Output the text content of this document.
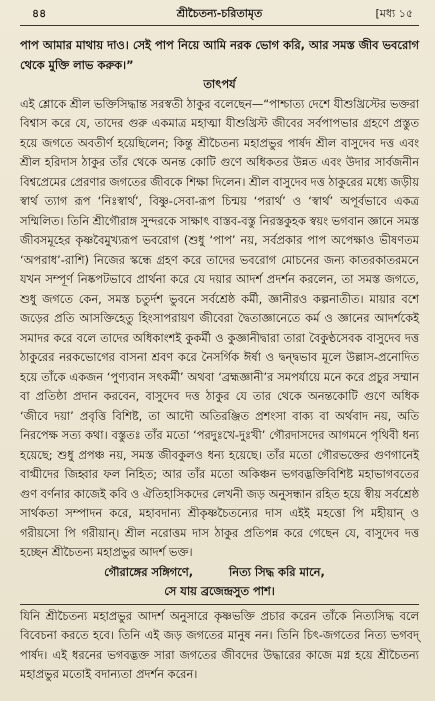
৪৪	শ্রীচৈতন্য-চরিতামৃত	[মধ্য ১৫

পাপ আমার মাথায় দাও। সেই পাপ নিয়ে আমি নরক ভোগ করি, আর সমস্ত জীব ভবরোগ থেকে মুক্তি লাভ করুক।”

তাৎপর্য

এই শ্লোকে শ্রীল ভক্তিসিদ্ধান্ত সরস্বতী ঠাকুর বলেছেন—“পাশ্চাত্য দেশে যীশুখ্রিস্টের ভক্তরা বিশ্বাস করে যে, তাদের গুরু একমাত্র মহাত্মা যীশুখ্রিস্ট জীবের সর্বপাপভার গ্রহণে প্রস্তুত হয়ে জগতে অবতীর্ণ হয়েছিলেন; কিন্তু শ্রীচৈতন্য মহাপ্রভুর পার্ষদ শ্রীল বাসুদেব দত্ত এবং শ্রীল হরিদাস ঠাকুর তাঁর থেকে অনন্ত কোটি গুণে অধিকতর উন্নত এবং উদার সার্বজনীন বিশ্বপ্রেমের প্রেরণার জগতের জীবকে শিক্ষা দিলেন। শ্রীল বাসুদেব দত্ত ঠাকুরের মধ্যে জড়ীয় স্বার্থ ত্যাগ রূপ ‘নিঃস্বার্থ’, বিষ্ণু-সেবা-রূপ চিন্ময় ‘পরার্থ’ ও ‘স্বার্থ’ অপূর্বভাবে একত্র সম্মিলিত। তিনি শ্রীগৌরাঙ্গ সুন্দরকে সাক্ষাৎ বাস্তব-বস্তু নিরস্তকুহক স্বয়ং ভগবান জ্ঞানে সমস্ত জীবসমূহের কৃষ্ণবৈমুখ্যরূপ ভবরোগ (শুধু ‘পাপ’ নয়, সর্বপ্রকার পাপ অপেক্ষাও ভীষণতম ‘অপরাধ’-রাশি) নিজের স্কন্ধে গ্রহণ করে তাদের ভবরোগ মোচনের জন্য কাতরকাতরমনে যখন সম্পূর্ণ নিষ্কপটভাবে প্রার্থনা করে যে দয়ার আদর্শ প্রদর্শন করলেন, তা সমস্ত জগতে, শুধু জগতে কেন, সমস্ত চতুর্দশ ভুবনে সর্বশ্রেষ্ঠ কর্মী, জ্ঞানীরও কল্পনাতীত। মায়ার বশে জড়ের প্রতি আসক্তিহেতু হিংসাপরায়ণ জীবেরা দ্বৈতাজ্ঞানেতে কর্ম ও জ্ঞানের আদর্শকেই সমাদর করে বলে তাদের অধিকাংশই কুকর্মী ও কুজ্ঞানীদ্বারা তারা বৈকুণ্ঠসেবক বাসুদেব দত্ত ঠাকুরের নরকভোগের বাসনা শ্রবণ করে নৈসর্গিক ঈর্ষা ও দ্বন্দ্বভাব মূলে উল্লাস-প্রনোদিত হয়ে তাঁকে একজন ‘পুণ্যবান সৎকর্মী’ অথবা ‘ব্রহ্মজ্ঞানী’র সমপর্যায়ে মনে করে প্রচুর সম্মান বা প্রতিষ্ঠা প্রদান করবেন, বাসুদেব দত্ত ঠাকুর যে তার থেকে অনন্তকোটি গুণে অধিক ‘জীবে দয়া’ প্রবৃত্তি বিশিষ্ট, তা আদৌ অতিরঞ্জিত প্রশংসা বাক্য বা অর্থবাদ নয়, অতি নিরপেক্ষ সত্য কথা। বস্তুতঃ তাঁর মতো ‘পরদুঃখে-দুঃখী’ গৌরদাসদের আগমনে পৃথিবী ধন্য হয়েছে; শুধু প্রপঞ্চ নয়, সমস্ত জীবকুলও ধন্য হয়েছে। তাঁর মতো গৌরভক্তের গুণগানেই বাগ্মীদের জিহ্বার ফল নিহিত; আর তাঁর মতো অকিঞ্চন ভগবদ্ভক্তিবিশিষ্ট মহাভাগবতের গুণ বর্ণনার কাজেই কবি ও ঐতিহাসিকদের লেখনী জড় অনুসন্ধান রহিত হয়ে স্বীয় সর্বশ্রেষ্ঠ সার্থকতা সম্পাদন করে, মহাবদান্য শ্রীকৃষ্ণচৈতন্যের দাস এইই মহত্তো পি মহীয়ান্ ও গরীয়সো পি গরীয়ান্। শ্রীল নরোত্তম দাস ঠাকুর প্রতিপন্ন করে গেছেন যে, বাসুদেব দত্ত হচ্ছেন শ্রীচৈতন্য মহাপ্রভুর আদর্শ ভক্ত।

গৌরাঙ্গের সঙ্গিগণে,	নিত্য সিদ্ধ করি মানে,
সে যায় ব্রজেন্দ্রসুত পাশ।

যিনি শ্রীচৈতন্য মহাপ্রভুর আদর্শ অনুসারে কৃষ্ণভক্তি প্রচার করেন তাঁকে নিত্যসিদ্ধ বলে বিবেচনা করতে হবে। তিনি এই জড় জগতের মানুষ নন। তিনি চিৎ-জগতের নিত্য ভগবদ্ পার্ষদ। এই ধরনের ভগবদ্ভক্ত সারা জগতের জীবদের উদ্ধারের কাজে মগ্ন হয়ে শ্রীচৈতন্য মহাপ্রভুর মতোই বদান্যতা প্রদর্শন করেন।
